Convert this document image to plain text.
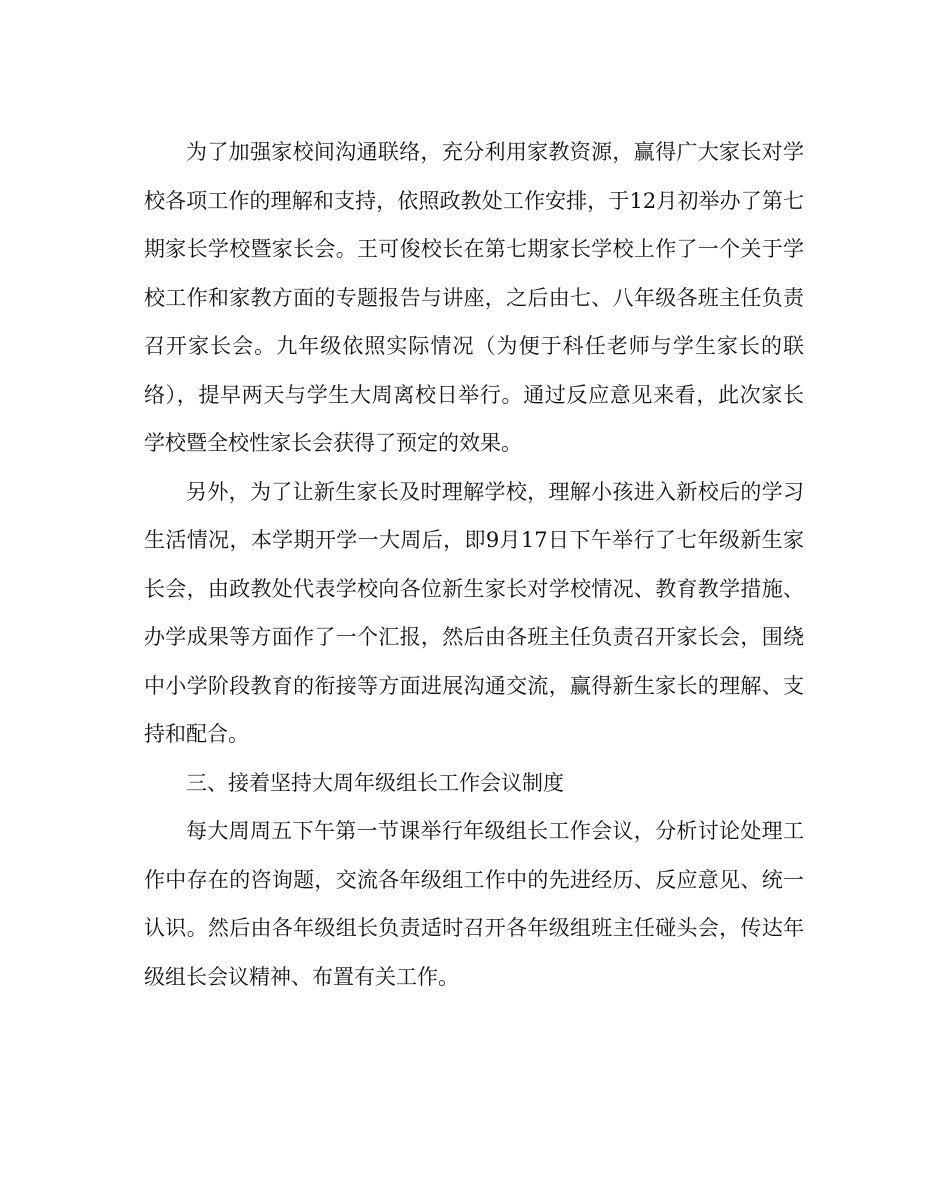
为了加强家校间沟通联络，充分利用家教资源，赢得广大家长对学校各项工作的理解和支持，依照政教处工作安排，于12月初举办了第七期家长学校暨家长会。王可俊校长在第七期家长学校上作了一个关于学校工作和家教方面的专题报告与讲座，之后由七、八年级各班主任负责召开家长会。九年级依照实际情况（为便于科任老师与学生家长的联络），提早两天与学生大周离校日举行。通过反应意见来看，此次家长学校暨全校性家长会获得了预定的效果。

另外，为了让新生家长及时理解学校，理解小孩进入新校后的学习生活情况，本学期开学一大周后，即9月17日下午举行了七年级新生家长会，由政教处代表学校向各位新生家长对学校情况、教育教学措施、办学成果等方面作了一个汇报，然后由各班主任负责召开家长会，围绕中小学阶段教育的衔接等方面进展沟通交流，赢得新生家长的理解、支持和配合。

三、接着坚持大周年级组长工作会议制度

每大周周五下午第一节课举行年级组长工作会议，分析讨论处理工作中存在的咨询题，交流各年级组工作中的先进经历、反应意见、统一认识。然后由各年级组长负责适时召开各年级组班主任碰头会，传达年级组长会议精神、布置有关工作。
